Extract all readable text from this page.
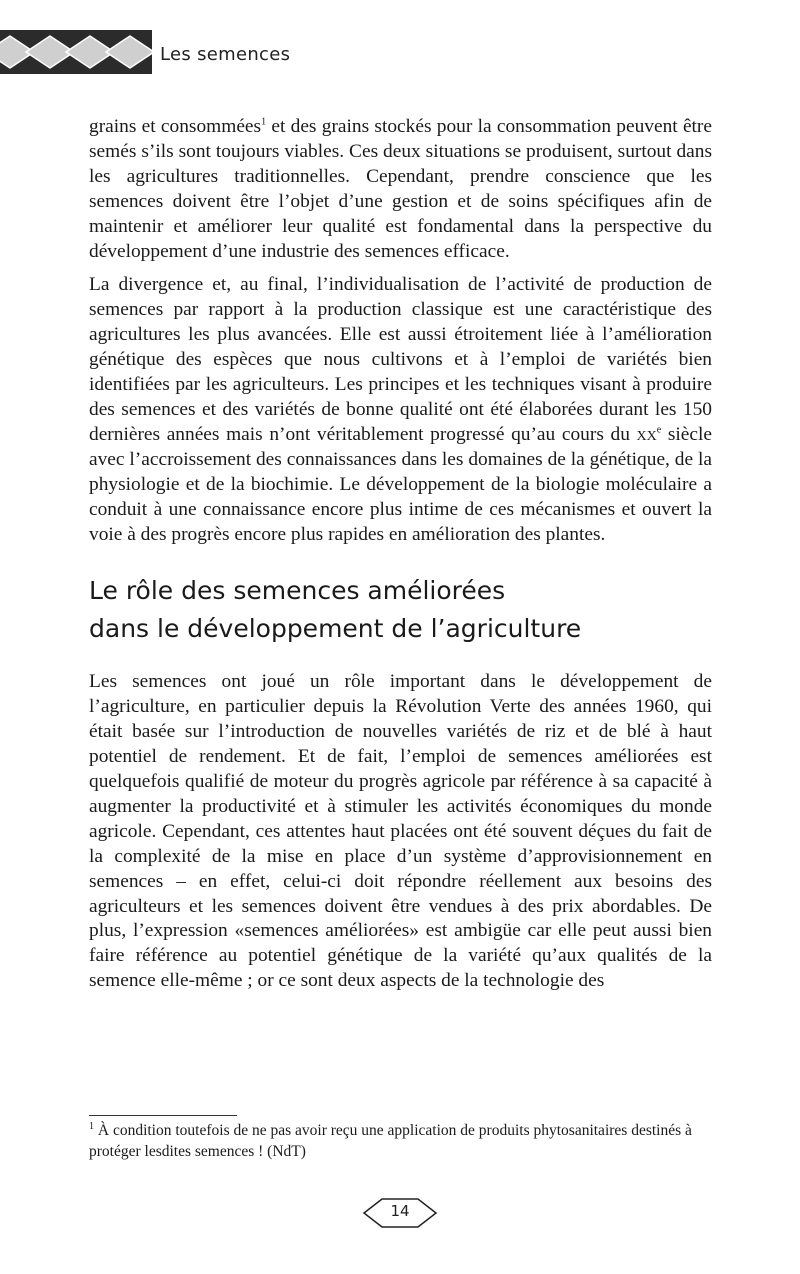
Les semences

grains et consommées$^1$ et des grains stockés pour la consommation peuvent être semés s’ils sont toujours viables. Ces deux situations se produisent, surtout dans les agricultures traditionnelles. Cependant, prendre conscience que les semences doivent être l’objet d’une gestion et de soins spécifiques afin de maintenir et améliorer leur qualité est fondamental dans la perspective du développement d’une industrie des semences efficace.

La divergence et, au final, l’individualisation de l’activité de production de semences par rapport à la production classique est une caractéristique des agricultures les plus avancées. Elle est aussi étroitement liée à l’amélioration génétique des espèces que nous cultivons et à l’emploi de variétés bien identifiées par les agriculteurs. Les principes et les techniques visant à produire des semences et des variétés de bonne qualité ont été élaborées durant les 150 dernières années mais n’ont véritablement progressé qu’au cours du $xx^e$ siècle avec l’accroissement des connaissances dans les domaines de la génétique, de la physiologie et de la biochimie. Le développement de la biologie moléculaire a conduit à une connaissance encore plus intime de ces mécanismes et ouvert la voie à des progrès encore plus rapides en amélioration des plantes.

Le rôle des semences améliorées
dans le développement de l’agriculture

Les semences ont joué un rôle important dans le développement de l’agriculture, en particulier depuis la Révolution Verte des années 1960, qui était basée sur l’introduction de nouvelles variétés de riz et de blé à haut potentiel de rendement. Et de fait, l’emploi de semences améliorées est quelquefois qualifié de moteur du progrès agricole par référence à sa capacité à augmenter la productivité et à stimuler les activités économiques du monde agricole. Cependant, ces attentes haut placées ont été souvent déçues du fait de la complexité de la mise en place d’un système d’approvisionnement en semences – en effet, celui-ci doit répondre réellement aux besoins des agriculteurs et les semences doivent être vendues à des prix abordables. De plus, l’expression «semences améliorées» est ambigüe car elle peut aussi bien faire référence au potentiel génétique de la variété qu’aux qualités de la semence elle-même ; or ce sont deux aspects de la technologie des

$^1$ À condition toutefois de ne pas avoir reçu une application de produits phytosanitaires destinés à protéger lesdites semences ! (NdT)
14
